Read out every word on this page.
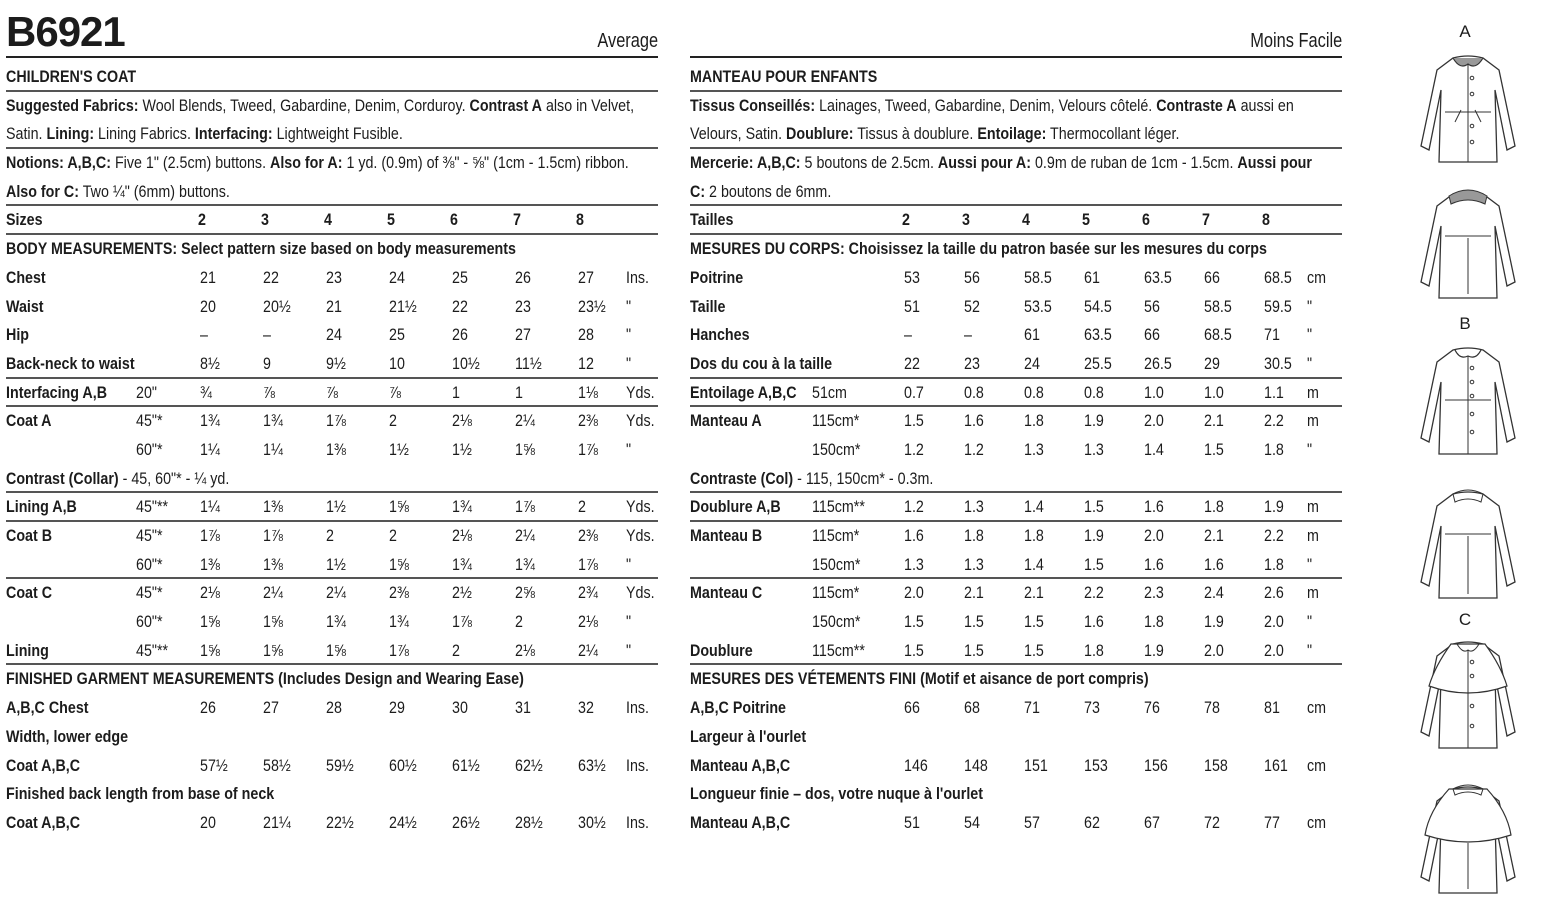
B6921	Average
CHILDREN'S COAT
Suggested Fabrics: Wool Blends, Tweed, Gabardine, Denim, Corduroy. Contrast A also in Velvet,
Satin. Lining: Lining Fabrics. Interfacing: Lightweight Fusible.
Notions: A,B,C: Five 1" (2.5cm) buttons. Also for A: 1 yd. (0.9m) of ⅜" - ⅝" (1cm - 1.5cm) ribbon.
Also for C: Two ¼" (6mm) buttons.
Sizes	2	3	4	5	6	7	8
BODY MEASUREMENTS: Select pattern size based on body measurements
Chest	21	22	23	24	25	26	27 Ins.
Waist	20	20½ 21	21½ 22	23	23½ "
Hip	–	–	24	25	26	27	28 "
Back-neck to waist	8½	9	9½	10	10½ 11½ 12 "
Interfacing A,B 20"	¾	⅞	⅞	⅞	1	1	1⅛ Yds.
Coat A	45"* 1¾	1¾	1⅞	2	2⅛	2¼	2⅜ Yds.
60"* 1¼	1¼	1⅜	1½	1½	1⅝	1⅞ "
Contrast (Collar) - 45, 60"* - ¼ yd.
Lining A,B	45"** 1¼	1⅜	1½	1⅝	1¾	1⅞	2 Yds.
Coat B	45"* 1⅞	1⅞	2	2	2⅛	2¼	2⅜ Yds.
60"* 1⅜	1⅜	1½	1⅝	1¾	1¾	1⅞ "
Coat C	45"* 2⅛	2¼	2¼	2⅜	2½	2⅝	2¾ Yds.
60"* 1⅝	1⅝	1¾	1¾	1⅞	2	2⅛ "
Lining	45"** 1⅝	1⅝	1⅝	1⅞	2	2⅛	2¼ "
FINISHED GARMENT MEASUREMENTS (Includes Design and Wearing Ease)
A,B,C Chest	26	27	28	29	30	31	32 Ins.
Width, lower edge
Coat A,B,C	57½ 58½ 59½ 60½ 61½ 62½ 63½ Ins.
Finished back length from base of neck
Coat A,B,C	20	21¼ 22½ 24½ 26½ 28½ 30½ Ins.
Moins Facile
MANTEAU POUR ENFANTS
Tissus Conseillés: Lainages, Tweed, Gabardine, Denim, Velours côtelé. Contraste A aussi en
Velours, Satin. Doublure: Tissus à doublure. Entoilage: Thermocollant léger.
Mercerie: A,B,C: 5 boutons de 2.5cm. Aussi pour A: 0.9m de ruban de 1cm - 1.5cm. Aussi pour
C: 2 boutons de 6mm.
Tailles	2	3	4	5	6	7	8
MESURES DU CORPS: Choisissez la taille du patron basée sur les mesures du corps
Poitrine	53	56	58.5 61	63.5 66	68.5 cm
Taille	51	52	53.5 54.5 56	58.5 59.5 "
Hanches	–	–	61	63.5 66	68.5 71 "
Dos du cou à la taille	22	23	24	25.5 26.5 29	30.5 "
Entoilage A,B,C 51cm	0.7 0.8 0.8 0.8 1.0 1.0 1.1 m
Manteau A	115cm*	1.5 1.6 1.8 1.9 2.0 2.1 2.2 m
150cm*	1.2 1.2 1.3 1.3 1.4 1.5 1.8 "
Contraste (Col) - 115, 150cm* - 0.3m.
Doublure A,B 115cm** 1.2 1.3 1.4 1.5 1.6 1.8 1.9 m
Manteau B	115cm*	1.6 1.8 1.8 1.9 2.0 2.1 2.2 m
150cm*	1.3 1.3 1.4 1.5 1.6 1.6 1.8 "
Manteau C	115cm*	2.0 2.1 2.1 2.2 2.3 2.4 2.6 m
150cm*	1.5 1.5 1.5 1.6 1.8 1.9 2.0 "
Doublure	115cm** 1.5 1.5 1.5 1.8 1.9 2.0 2.0 "
MESURES DES VÉTEMENTS FINI (Motif et aisance de port compris)
A,B,C Poitrine	66	68	71	73	76	78	81 cm
Largeur à l'ourlet
Manteau A,B,C	146 148 151 153 156 158 161 cm
Longueur finie – dos, votre nuque à l'ourlet
Manteau A,B,C	51	54	57	62	67	72	77 cm
A
B
C
